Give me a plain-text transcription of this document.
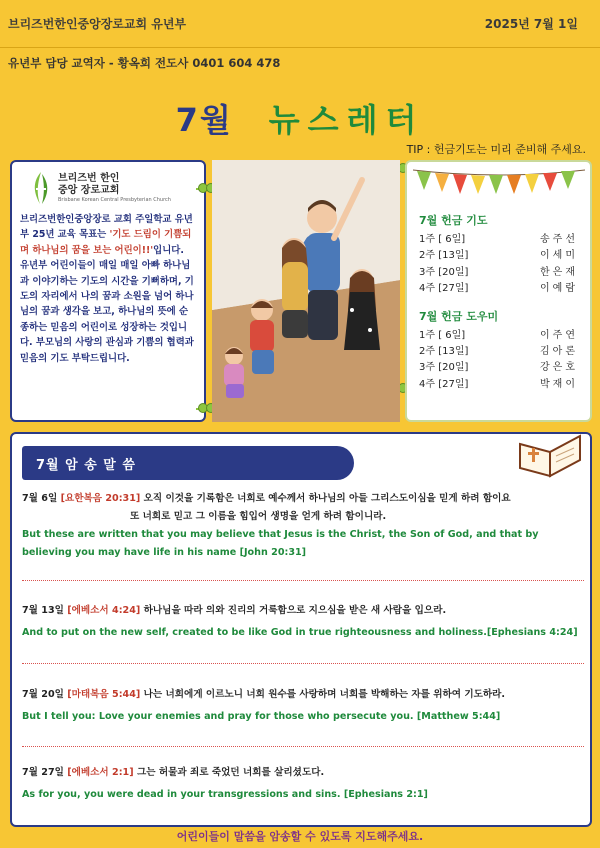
브리즈번한인중앙장로교회 유년부	2025년 7월 1일
유년부 담당 교역자 - 황옥희 전도사 0401 604 478
7월 뉴스레터
TIP : 헌금기도는 미리 준비해 주세요.
브리즈번 한인
중앙 장로교회
Brisbane Korean Central Presbyterian Church
브리즈번한인중앙장로 교회 주일학교 유년부 25년 교육 목표는 '기도 드림이 기쁨되며 하나님의 꿈을 보는 어린이!!'입니다. 유년부 어린이들이 매일 매일 아빠 하나님과 이야기하는 기도의 시간을 기뻐하며, 기도의 자리에서 나의 꿈과 소원을 넘어 하나님의 꿈과 생각을 보고, 하나님의 뜻에 순종하는 믿음의 어린이로 성장하는 것입니다. 부모님의 사랑의 관심과 기쁨의 협력과 믿음의 기도 부탁드립니다.
7월 헌금 기도
1주 [ 6일]	송주선
2주 [13일]	이세미
3주 [20일]	한은재
4주 [27일]	이예람
7월 헌금 도우미
1주 [ 6일]	이주연
2주 [13일]	김아론
3주 [20일]	강은호
4주 [27일]	박재이
7월 암 송 말 씀
7월 6일 [요한복음 20:31] 오직 이것을 기록함은 너희로 예수께서 하나님의 아들 그리스도이심을 믿게 하려 함이요
또 너희로 믿고 그 이름을 힘입어 생명을 얻게 하려 함이니라.
But these are written that you may believe that Jesus is the Christ, the Son of God, and that by
believing you may have life in his name [John 20:31]
7월 13일 [에베소서 4:24] 하나님을 따라 의와 진리의 거룩함으로 지으심을 받은 새 사람을 입으라.
And to put on the new self, created to be like God in true righteousness and holiness.[Ephesians 4:24]
7월 20일 [마태복음 5:44] 나는 너희에게 이르노니 너희 원수를 사랑하며 너희를 박해하는 자를 위하여 기도하라.
But I tell you: Love your enemies and pray for those who persecute you. [Matthew 5:44]
7월 27일 [에베소서 2:1] 그는 허물과 죄로 죽었던 너희를 살리셨도다.
As for you, you were dead in your transgressions and sins. [Ephesians 2:1]
어린이들이 말씀을 암송할 수 있도록 지도해주세요.
